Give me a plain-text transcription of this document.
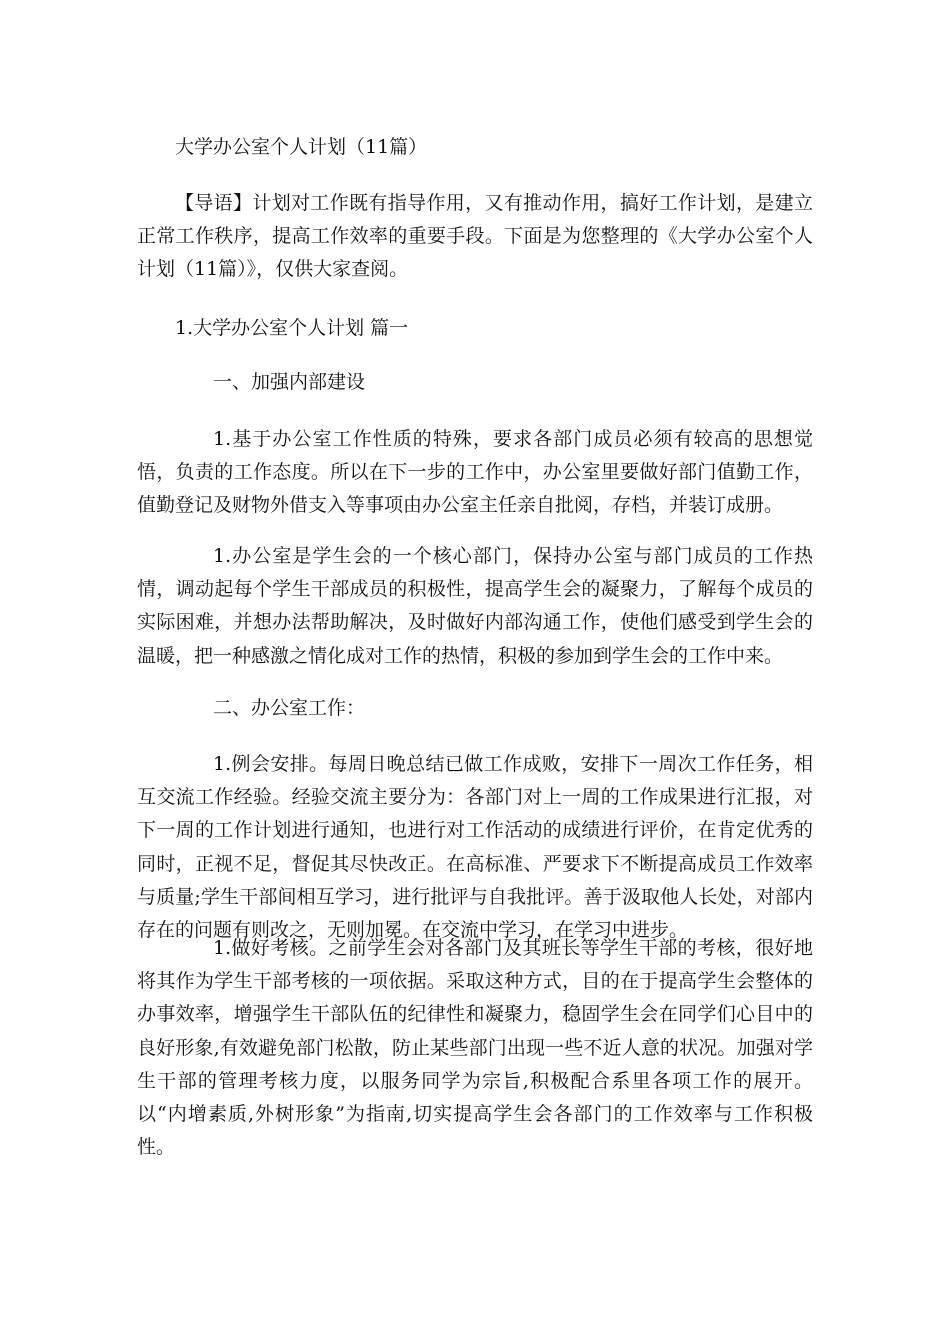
大学办公室个人计划（11篇）

【导语】计划对工作既有指导作用，又有推动作用，搞好工作计划，是建立正常工作秩序，提高工作效率的重要手段。下面是为您整理的《大学办公室个人计划（11篇）》，仅供大家查阅。

1.大学办公室个人计划 篇一
一、加强内部建设

1.基于办公室工作性质的特殊，要求各部门成员必须有较高的思想觉悟，负责的工作态度。所以在下一步的工作中，办公室里要做好部门值勤工作，值勤登记及财物外借支入等事项由办公室主任亲自批阅，存档，并装订成册。

1.办公室是学生会的一个核心部门，保持办公室与部门成员的工作热情，调动起每个学生干部成员的积极性，提高学生会的凝聚力，了解每个成员的实际困难，并想办法帮助解决，及时做好内部沟通工作，使他们感受到学生会的温暖，把一种感激之情化成对工作的热情，积极的参加到学生会的工作中来。

二、办公室工作：

1.例会安排。每周日晚总结已做工作成败，安排下一周次工作任务，相互交流工作经验。经验交流主要分为：各部门对上一周的工作成果进行汇报，对下一周的工作计划进行通知，也进行对工作活动的成绩进行评价，在肯定优秀的同时，正视不足，督促其尽快改正。在高标准、严要求下不断提高成员工作效率与质量;学生干部间相互学习，进行批评与自我批评。善于汲取他人长处，对部内存在的问题有则改之，无则加冕。在交流中学习，在学习中进步。

1.做好考核。之前学生会对各部门及其班长等学生干部的考核，很好地将其作为学生干部考核的一项依据。采取这种方式，目的在于提高学生会整体的办事效率，增强学生干部队伍的纪律性和凝聚力，稳固学生会在同学们心目中的良好形象,有效避免部门松散，防止某些部门出现一些不近人意的状况。加强对学生干部的管理考核力度，以服务同学为宗旨,积极配合系里各项工作的展开。以“内增素质,外树形象”为指南,切实提高学生会各部门的工作效率与工作积极性。
